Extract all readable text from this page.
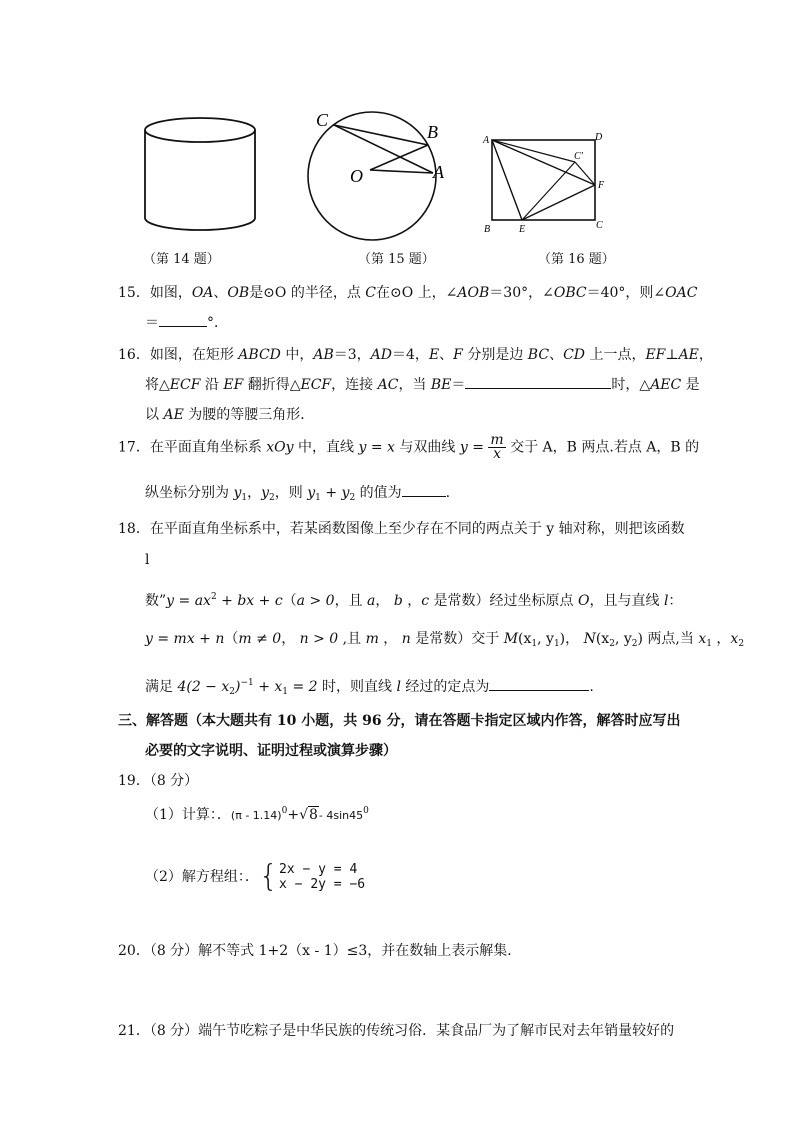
（第 14 题）
C
B
O	A
（第 15 题）
A	D
C'
F
B	E	C
（第 16 题）
15．如图，OA、OB是⊙O 的半径，点 C在⊙O 上，∠AOB＝30°，∠OBC＝40°，则∠OAC
＝	°．
16．如图，在矩形 ABCD 中，AB＝3，AD＝4，E、F 分别是边 BC、CD 上一点，EF⊥AE，
将△ECF 沿 EF 翻折得△ECF，连接 AC，当 BE＝	时，△AEC 是
以 AE 为腰的等腰三角形．
17．在平面直角坐标系 xOy 中，直线 y = x 与双曲线 $y = \frac{m}{x}$ 交于 A，B 两点.若点 A，B 的
纵坐标分别为 $y_1$，$y_2$，则 $y_1 + y_2$ 的值为	.
18．在平面直角坐标系中，若某函数图像上至少存在不同的两点关于 y 轴对称，则把该函数
l
数”y = $ax^2$ + bx + c（a > 0，且 a， b ，c 是常数）经过坐标原点 O，且与直线 l：
y = mx + n（m ≠ 0， n > 0 ,且 m ， n 是常数）交于 $M(x_1$, $y_1$)， $N(x_2$, $y_2$) 两点,当 $x_1$ ，$x_2$
满足 $4(2 - x_2)^{-1} + x_1 = 2$ 时，则直线 l 经过的定点为	.
三、解答题（本大题共有 10 小题，共 96 分，请在答题卡指定区域内作答，解答时应写出
必要的文字说明、证明过程或演算步骤）
19．（8 分）
（1）计算：．(π - 1.14)$^0$+√8- $4\sin 45^0$
（2）解方程组：．{ 2x − y = 4
x − 2y = −6
20．（8 分）解不等式 1+2（x - 1）≤3，并在数轴上表示解集．
21．（8 分）端午节吃粽子是中华民族的传统习俗．某食品厂为了解市民对去年销量较好的
